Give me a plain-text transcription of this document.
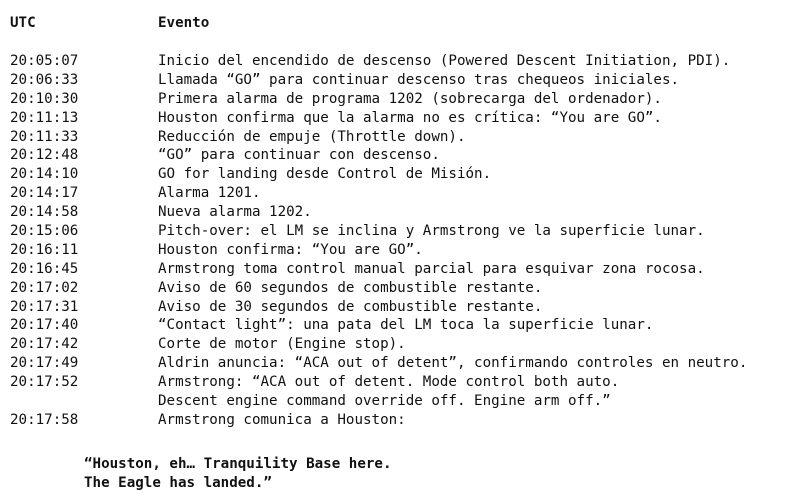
UTC	Evento
20:05:07	Inicio del encendido de descenso (Powered Descent Initiation, PDI).
20:06:33	Llamada “GO” para continuar descenso tras chequeos iniciales.
20:10:30	Primera alarma de programa 1202 (sobrecarga del ordenador).
20:11:13	Houston confirma que la alarma no es crítica: “You are GO”.
20:11:33	Reducción de empuje (Throttle down).
20:12:48	“GO” para continuar con descenso.
20:14:10	GO for landing desde Control de Misión.
20:14:17	Alarma 1201.
20:14:58	Nueva alarma 1202.
20:15:06	Pitch-over: el LM se inclina y Armstrong ve la superficie lunar.
20:16:11	Houston confirma: “You are GO”.
20:16:45	Armstrong toma control manual parcial para esquivar zona rocosa.
20:17:02	Aviso de 60 segundos de combustible restante.
20:17:31	Aviso de 30 segundos de combustible restante.
20:17:40	“Contact light”: una pata del LM toca la superficie lunar.
20:17:42	Corte de motor (Engine stop).
20:17:49	Aldrin anuncia: “ACA out of detent”, confirmando controles en neutro.
20:17:52	Armstrong: “ACA out of detent. Mode control both auto.
Descent engine command override off. Engine arm off.”
20:17:58	Armstrong comunica a Houston:
“Houston, eh… Tranquility Base here.
The Eagle has landed.”
